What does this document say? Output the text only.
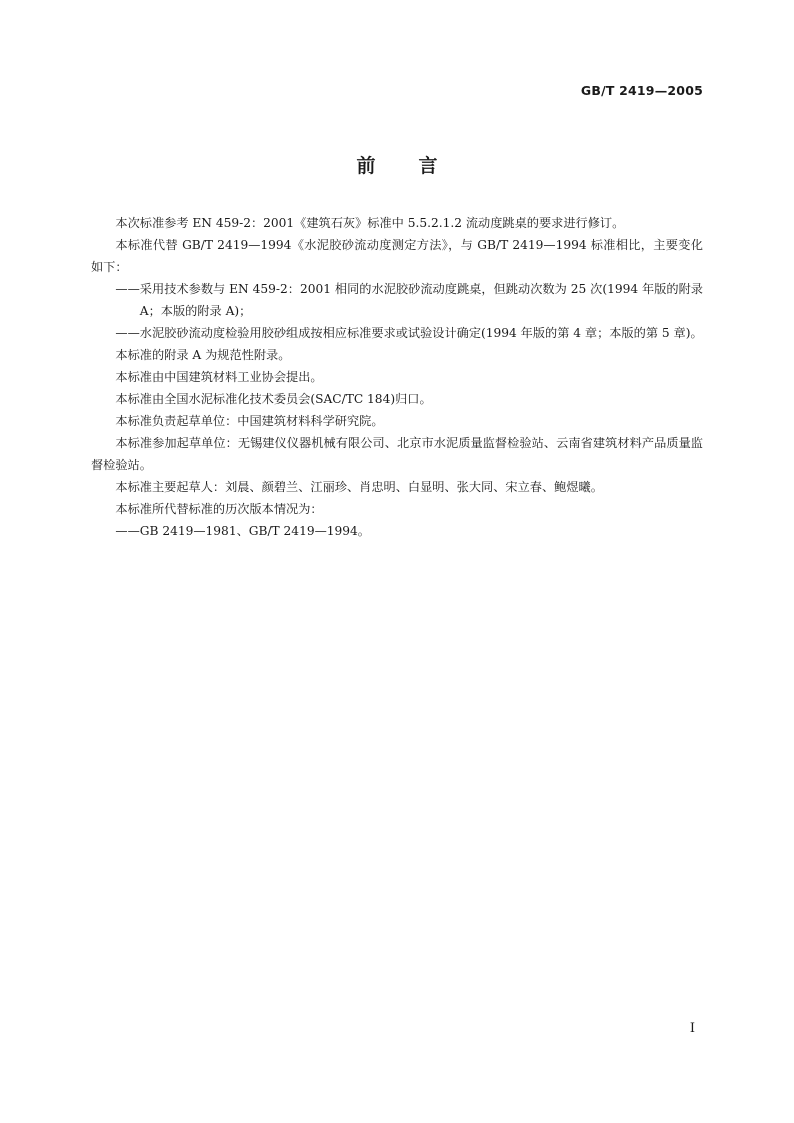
GB/T 2419—2005
前言

本次标准参考 EN 459-2：2001《建筑石灰》标准中 5.5.2.1.2 流动度跳桌的要求进行修订。

本标准代替 GB/T 2419—1994《水泥胶砂流动度测定方法》，与 GB/T 2419—1994 标准相比，主要变化如下：

——采用技术参数与 EN 459-2：2001 相同的水泥胶砂流动度跳桌，但跳动次数为 25 次(1994 年版的附录 A；本版的附录 A)；

——水泥胶砂流动度检验用胶砂组成按相应标准要求或试验设计确定(1994 年版的第 4 章；本版的第 5 章)。

本标准的附录 A 为规范性附录。

本标准由中国建筑材料工业协会提出。

本标准由全国水泥标准化技术委员会(SAC/TC 184)归口。

本标准负责起草单位：中国建筑材料科学研究院。

本标准参加起草单位：无锡建仪仪器机械有限公司、北京市水泥质量监督检验站、云南省建筑材料产品质量监督检验站。

本标准主要起草人：刘晨、颜碧兰、江丽珍、肖忠明、白显明、张大同、宋立春、鲍煜曦。

本标准所代替标准的历次版本情况为：

——GB 2419—1981、GB/T 2419—1994。

I
